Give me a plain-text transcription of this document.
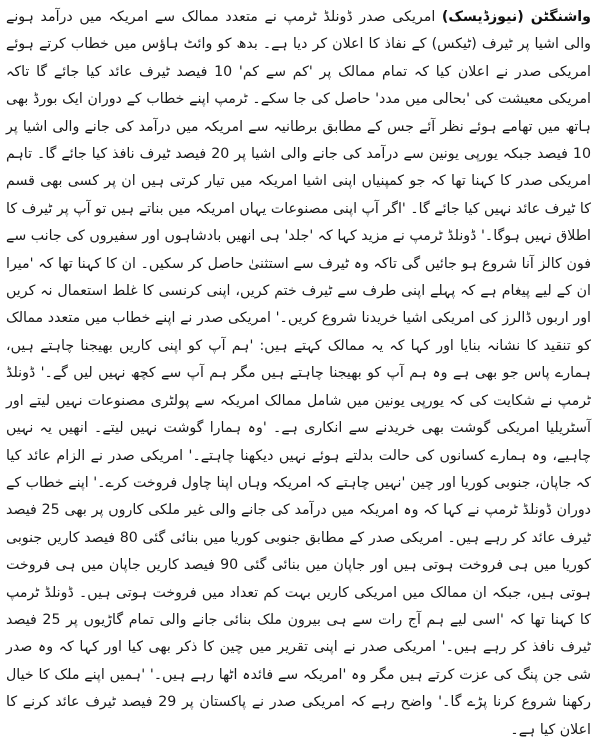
واشنگٹن (نیوزڈیسک) امریکی صدر ڈونلڈ ٹرمپ نے متعدد ممالک سے امریکہ میں درآمد ہونے والی اشیا پر ٹیرف (ٹیکس) کے نفاذ کا اعلان کر دیا ہے۔ بدھ کو وائٹ ہاؤس میں خطاب کرتے ہوئے امریکی صدر نے اعلان کیا کہ تمام ممالک پر 'کم سے کم' 10 فیصد ٹیرف عائد کیا جائے گا تاکہ امریکی معیشت کی 'بحالی میں مدد' حاصل کی جا سکے۔ ٹرمپ اپنے خطاب کے دوران ایک بورڈ بھی ہاتھ میں تھامے ہوئے نظر آئے جس کے مطابق برطانیہ سے امریکہ میں درآمد کی جانے والی اشیا پر 10 فیصد جبکہ یورپی یونین سے درآمد کی جانے والی اشیا پر 20 فیصد ٹیرف نافذ کیا جائے گا۔ تاہم امریکی صدر کا کہنا تھا کہ جو کمپنیاں اپنی اشیا امریکہ میں تیار کرتی ہیں ان پر کسی بھی قسم کا ٹیرف عائد نہیں کیا جائے گا۔ 'اگر آپ اپنی مصنوعات یہاں امریکہ میں بناتے ہیں تو آپ پر ٹیرف کا اطلاق نہیں ہوگا۔' ڈونلڈ ٹرمپ نے مزید کہا کہ 'جلد' ہی انھیں بادشاہوں اور سفیروں کی جانب سے فون کالز آنا شروع ہو جائیں گی تاکہ وہ ٹیرف سے استثنیٰ حاصل کر سکیں۔ ان کا کہنا تھا کہ 'میرا ان کے لیے پیغام ہے کہ پہلے اپنی طرف سے ٹیرف ختم کریں، اپنی کرنسی کا غلط استعمال نہ کریں اور اربوں ڈالرز کی امریکی اشیا خریدنا شروع کریں۔' امریکی صدر نے اپنے خطاب میں متعدد ممالک کو تنقید کا نشانہ بنایا اور کہا کہ یہ ممالک کہتے ہیں: 'ہم آپ کو اپنی کاریں بھیجنا چاہتے ہیں، ہمارے پاس جو بھی ہے وہ ہم آپ کو بھیجنا چاہتے ہیں مگر ہم آپ سے کچھ نہیں لیں گے۔' ڈونلڈ ٹرمپ نے شکایت کی کہ یورپی یونین میں شامل ممالک امریکہ سے پولٹری مصنوعات نہیں لیتے اور آسٹریلیا امریکی گوشت بھی خریدنے سے انکاری ہے۔ 'وہ ہمارا گوشت نہیں لیتے۔ انھیں یہ نہیں چاہیے، وہ ہمارے کسانوں کی حالت بدلتے ہوئے نہیں دیکھنا چاہتے۔' امریکی صدر نے الزام عائد کیا کہ جاپان، جنوبی کوریا اور چین 'نہیں چاہتے کہ امریکہ وہاں اپنا چاول فروخت کرے۔' اپنے خطاب کے دوران ڈونلڈ ٹرمپ نے کہا کہ وہ امریکہ میں درآمد کی جانے والی غیر ملکی کاروں پر بھی 25 فیصد ٹیرف عائد کر رہے ہیں۔ امریکی صدر کے مطابق جنوبی کوریا میں بنائی گئی 80 فیصد کاریں جنوبی کوریا میں ہی فروخت ہوتی ہیں اور جاپان میں بنائی گئی 90 فیصد کاریں جاپان میں ہی فروخت ہوتی ہیں، جبکہ ان ممالک میں امریکی کاریں بہت کم تعداد میں فروخت ہوتی ہیں۔ ڈونلڈ ٹرمپ کا کہنا تھا کہ 'اسی لیے ہم آج رات سے ہی بیرون ملک بنائی جانے والی تمام گاڑیوں پر 25 فیصد ٹیرف نافذ کر رہے ہیں۔' امریکی صدر نے اپنی تقریر میں چین کا ذکر بھی کیا اور کہا کہ وہ صدر شی جن پنگ کی عزت کرتے ہیں مگر وہ 'امریکہ سے فائدہ اٹھا رہے ہیں۔' 'ہمیں اپنے ملک کا خیال رکھنا شروع کرنا پڑے گا۔' واضح رہے کہ امریکی صدر نے پاکستان پر 29 فیصد ٹیرف عائد کرنے کا اعلان کیا ہے۔
